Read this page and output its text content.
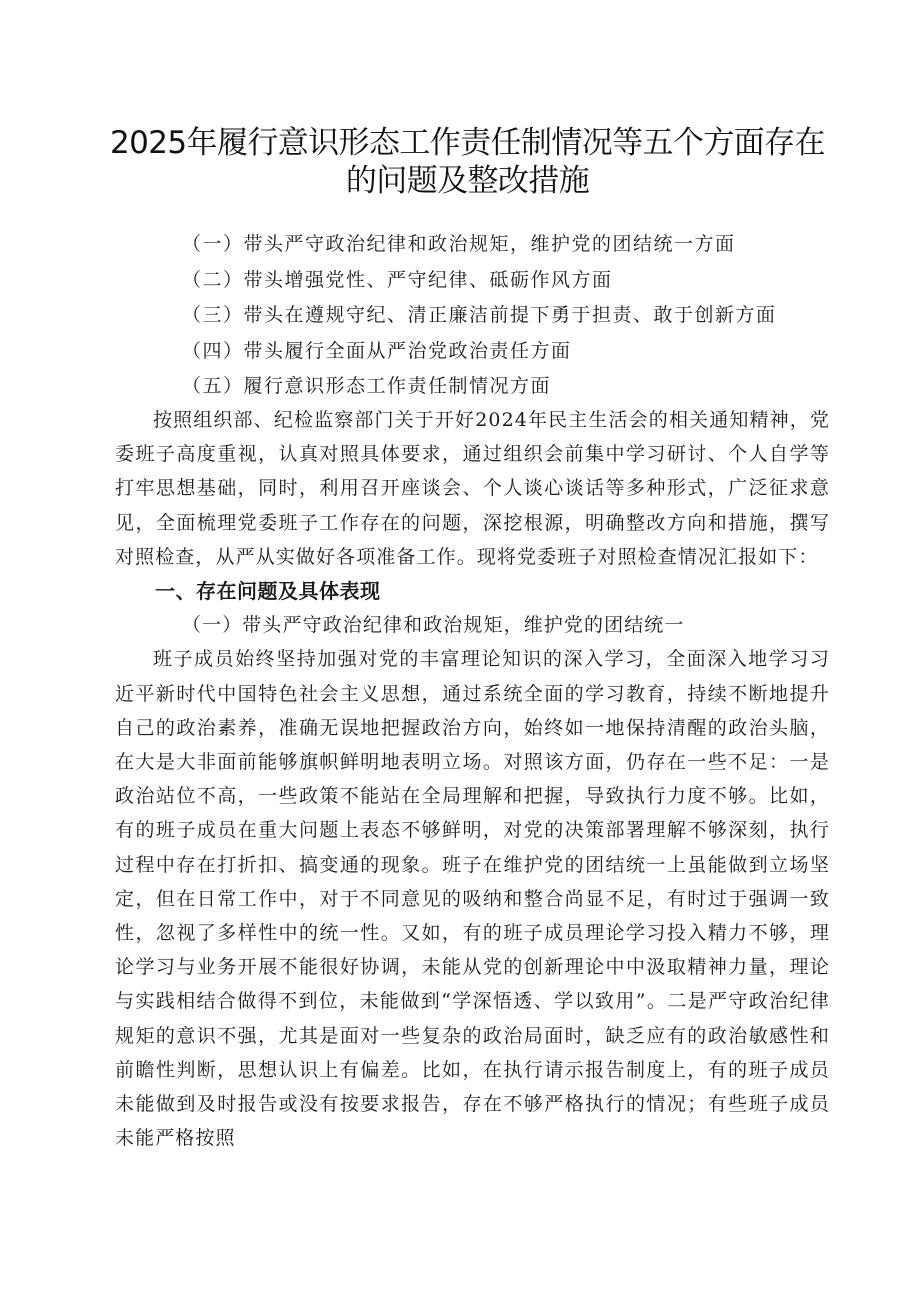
2025年履行意识形态工作责任制情况等五个方面存在的问题及整改措施
（一）带头严守政治纪律和政治规矩，维护党的团结统一方面
（二）带头增强党性、严守纪律、砥砺作风方面
（三）带头在遵规守纪、清正廉洁前提下勇于担责、敢于创新方面
（四）带头履行全面从严治党政治责任方面
（五）履行意识形态工作责任制情况方面

按照组织部、纪检监察部门关于开好2024年民主生活会的相关通知精神，党委班子高度重视，认真对照具体要求，通过组织会前集中学习研讨、个人自学等打牢思想基础，同时，利用召开座谈会、个人谈心谈话等多种形式，广泛征求意见，全面梳理党委班子工作存在的问题，深挖根源，明确整改方向和措施，撰写对照检查，从严从实做好各项准备工作。现将党委班子对照检查情况汇报如下：

一、存在问题及具体表现

（一）带头严守政治纪律和政治规矩，维护党的团结统一

班子成员始终坚持加强对党的丰富理论知识的深入学习，全面深入地学习习近平新时代中国特色社会主义思想，通过系统全面的学习教育，持续不断地提升自己的政治素养，准确无误地把握政治方向，始终如一地保持清醒的政治头脑，在大是大非面前能够旗帜鲜明地表明立场。对照该方面，仍存在一些不足：一是政治站位不高，一些政策不能站在全局理解和把握，导致执行力度不够。比如，有的班子成员在重大问题上表态不够鲜明，对党的决策部署理解不够深刻，执行过程中存在打折扣、搞变通的现象。班子在维护党的团结统一上虽能做到立场坚定，但在日常工作中，对于不同意见的吸纳和整合尚显不足，有时过于强调一致性，忽视了多样性中的统一性。又如，有的班子成员理论学习投入精力不够，理论学习与业务开展不能很好协调，未能从党的创新理论中中汲取精神力量，理论与实践相结合做得不到位，未能做到“学深悟透、学以致用”。二是严守政治纪律规矩的意识不强，尤其是面对一些复杂的政治局面时，缺乏应有的政治敏感性和前瞻性判断，思想认识上有偏差。比如，在执行请示报告制度上，有的班子成员未能做到及时报告或没有按要求报告，存在不够严格执行的情况；有些班子成员未能严格按照
